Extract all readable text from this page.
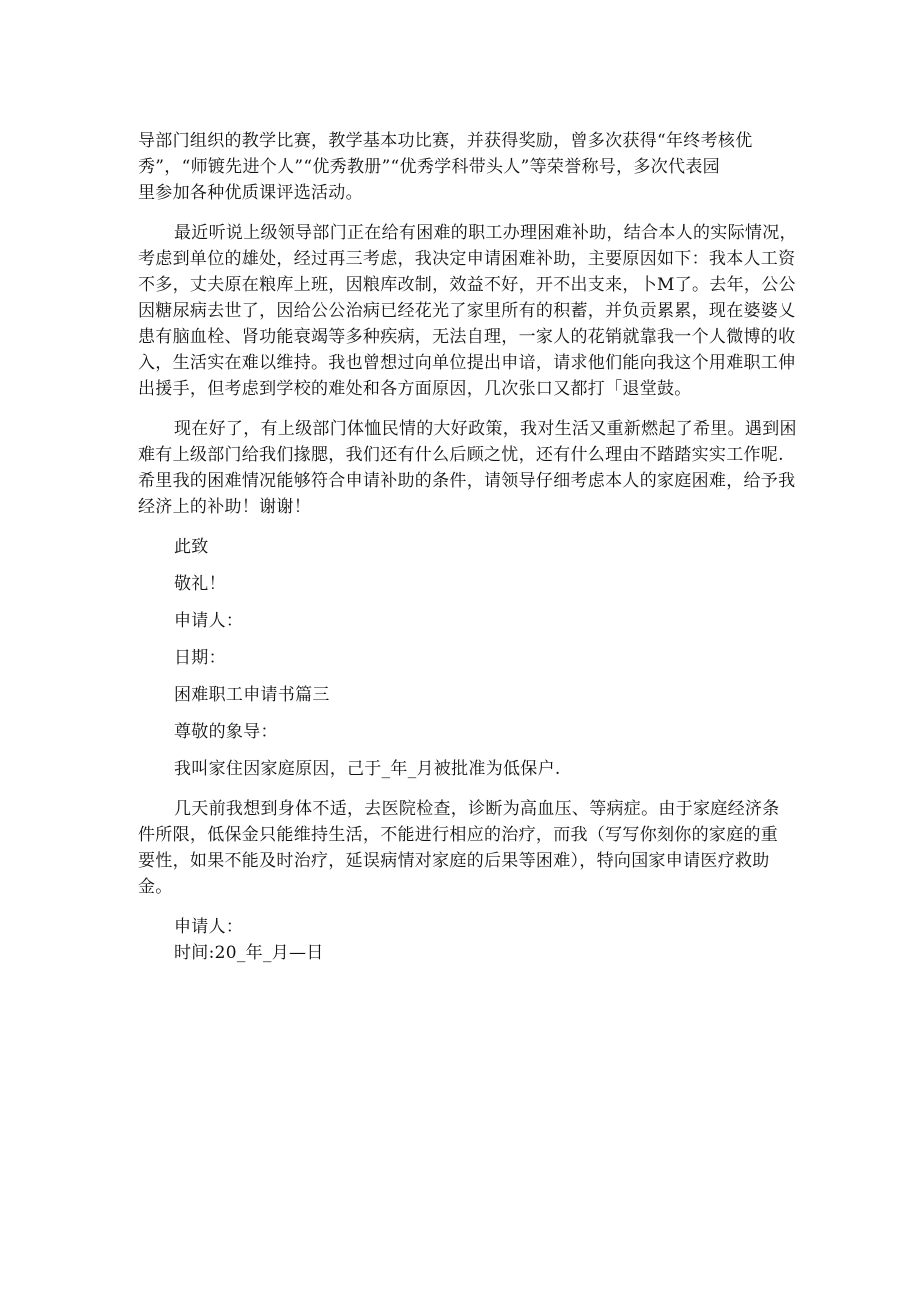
导部门组织的教学比赛，教学基本功比赛，并获得奖励，曾多次获得“年终考核优
秀”，“师镀先进个人”“优秀教册”“优秀学科带头人”等荣誉称号，多次代表园
里参加各种优质课评选活动。
最近听说上级领导部门正在给有困难的职工办理困难补助，结合本人的实际情况，
考虑到单位的雄处，经过再三考虑，我决定申请困难补助，主要原因如下：我本人工资
不多，丈夫原在粮库上班，因粮库改制，效益不好，开不出支来，卜M了。去年，公公
因糖尿病去世了，因给公公治病已经花光了家里所有的积蓄，并负贡累累，现在婆婆乂
患有脑血栓、肾功能衰竭等多种疾病，无法自理，一家人的花销就靠我一个人微博的收
入，生活实在难以维持。我也曾想过向单位提出申谙，请求他们能向我这个用难职工伸
出援手，但考虑到学校的难处和各方面原因，几次张口又都打「退堂鼓。
现在好了，有上级部门体恤民情的大好政策，我对生活又重新燃起了希里。遇到困
难有上级部门给我们掾腮，我们还有什么后顾之忧，还有什么理由不踏踏实实工作呢.
希里我的困难情况能够符合申请补助的条件，请领导仔细考虑本人的家庭困难，给予我
经济上的补助！谢谢！
此致
敬礼！
申请人：
日期：
困难职工申请书篇三
尊敬的象导：
我叫家住因家庭原因，己于_年_月被批准为低保户.
几天前我想到身体不适，去医院检查，诊断为高血压、等病症。由于家庭经济条
件所限，低保金只能维持生活，不能进行相应的治疗，而我（写写你刻你的家庭的重
要性，如果不能及时治疗，延误病情对家庭的后果等困难），特向国家申请医疗救助
金。
申请人：
时间:20_年_月—日
